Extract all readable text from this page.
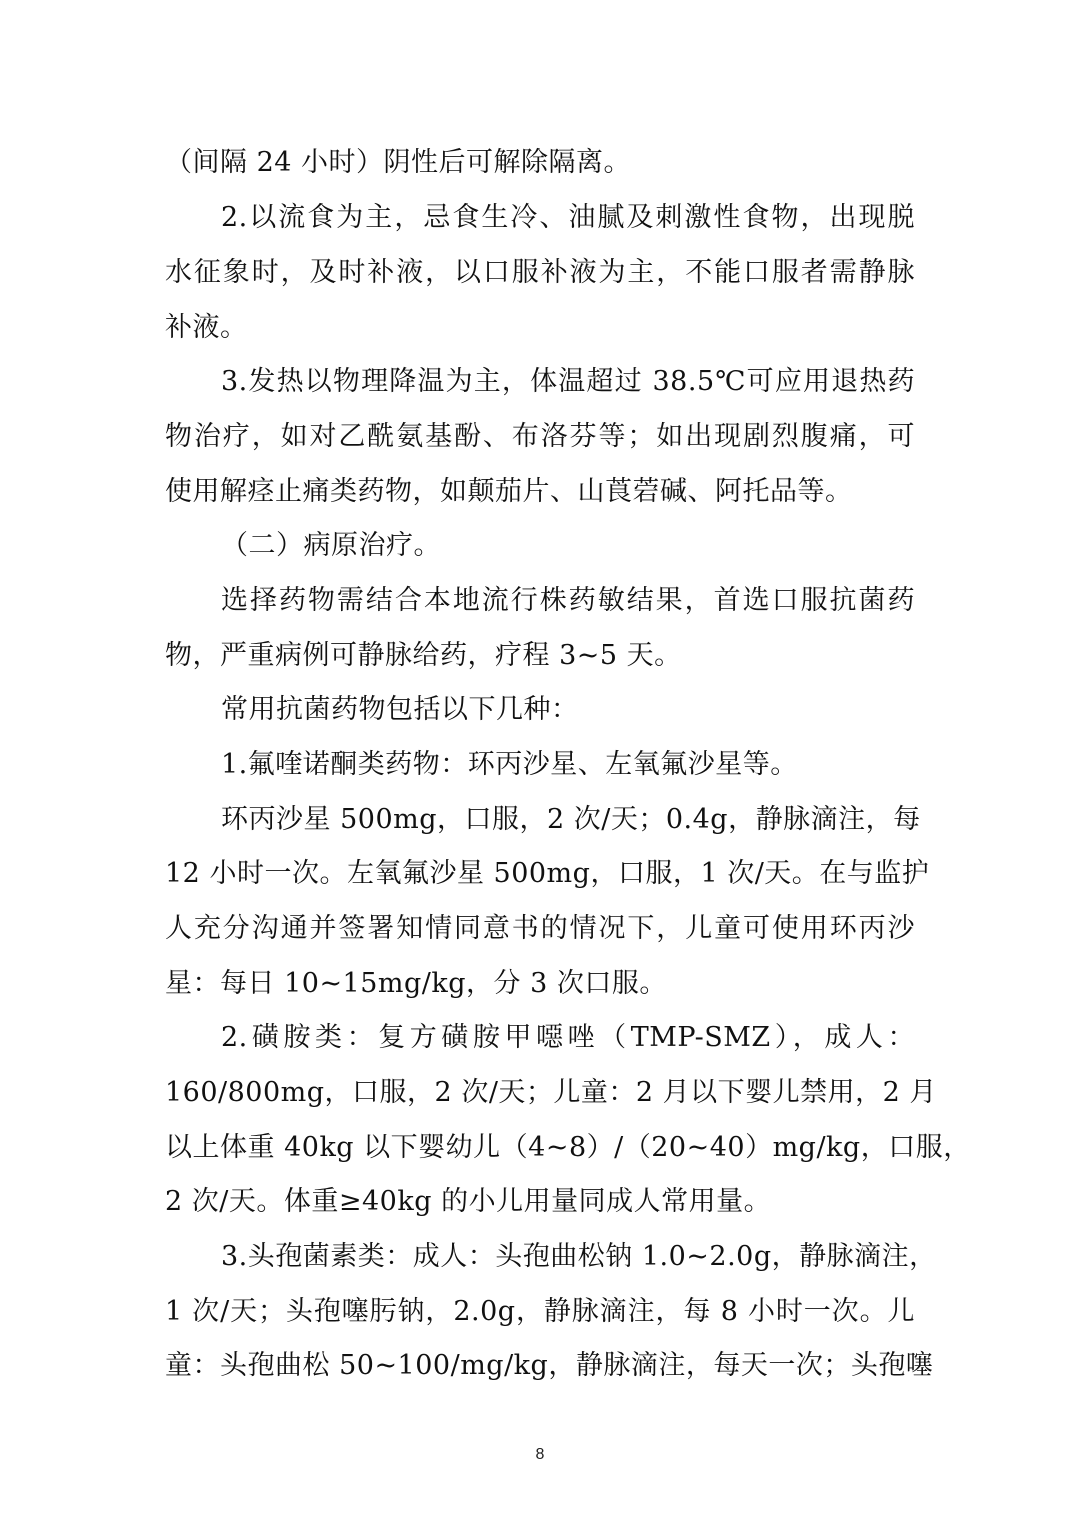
（间隔 24 小时）阴性后可解除隔离。
2.以流食为主，忌食生冷、油腻及刺激性食物，出现脱
水征象时，及时补液，以口服补液为主，不能口服者需静脉
补液。
3.发热以物理降温为主，体温超过 38.5℃可应用退热药
物治疗，如对乙酰氨基酚、布洛芬等；如出现剧烈腹痛，可
使用解痉止痛类药物，如颠茄片、山莨菪碱、阿托品等。
（二）病原治疗。
选择药物需结合本地流行株药敏结果，首选口服抗菌药
物，严重病例可静脉给药，疗程 3~5 天。
常用抗菌药物包括以下几种：
1.氟喹诺酮类药物：环丙沙星、左氧氟沙星等。
环丙沙星 500mg，口服，2 次/天；0.4g，静脉滴注，每
12 小时一次。左氧氟沙星 500mg，口服，1 次/天。在与监护
人充分沟通并签署知情同意书的情况下，儿童可使用环丙沙
星：每日 10~15mg/kg，分 3 次口服。
2.磺胺类：复方磺胺甲噁唑（TMP-SMZ），成人：
160/800mg，口服，2 次/天；儿童：2 月以下婴儿禁用，2 月
以上体重 40kg 以下婴幼儿（4~8）/（20~40）mg/kg，口服，
2 次/天。体重≥40kg 的小儿用量同成人常用量。
3.头孢菌素类：成人：头孢曲松钠 1.0~2.0g，静脉滴注，
1 次/天；头孢噻肟钠，2.0g，静脉滴注，每 8 小时一次。儿
童：头孢曲松 50~100/mg/kg，静脉滴注，每天一次；头孢噻
8
